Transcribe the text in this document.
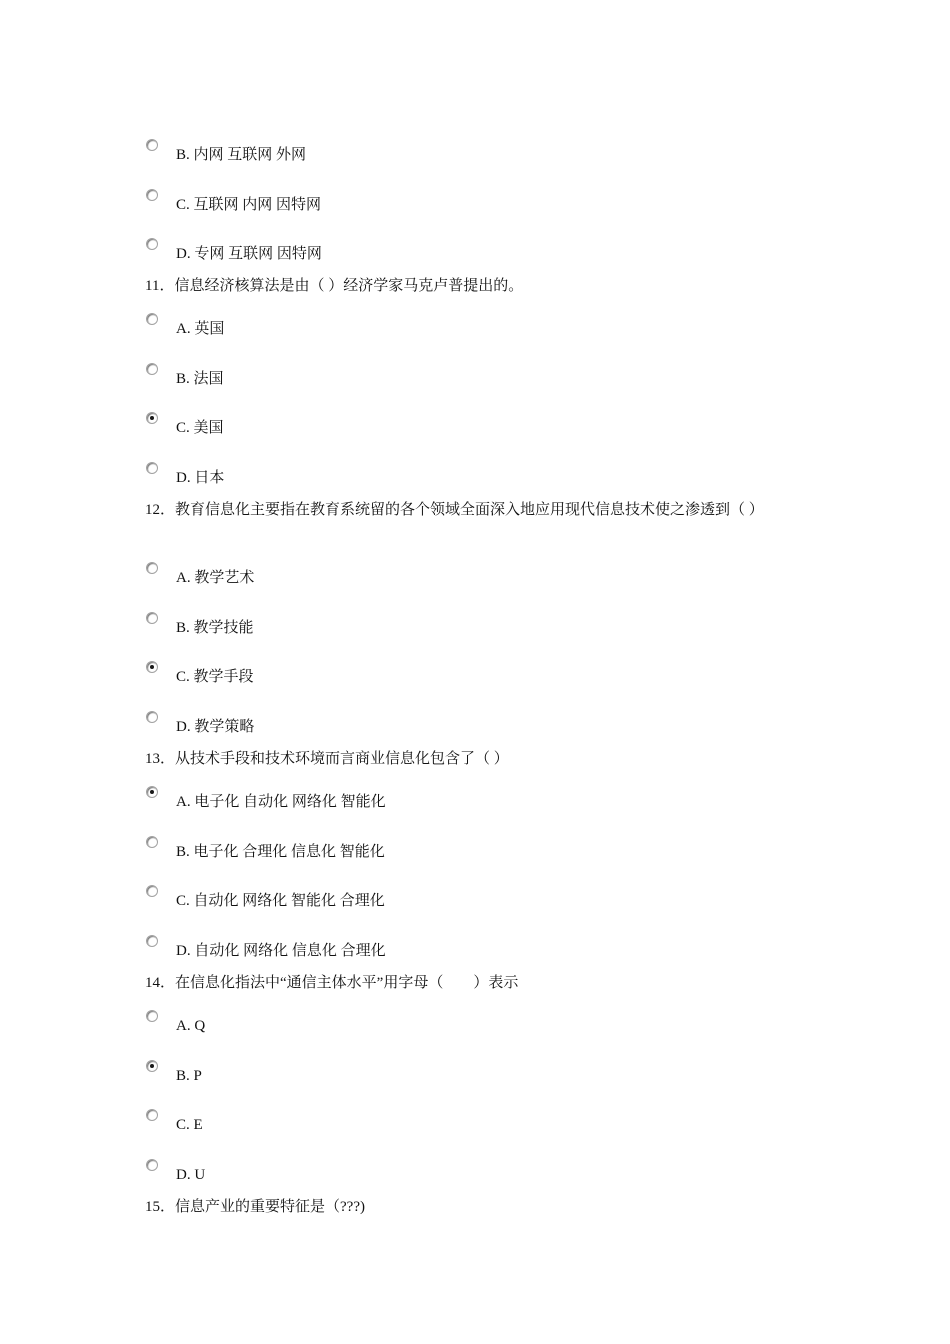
B. 内网 互联网 外网
C. 互联网 内网 因特网
D. 专网 互联网 因特网
11．信息经济核算法是由（ ）经济学家马克卢普提出的。
A. 英国
B. 法国
C. 美国
D. 日本
12．教育信息化主要指在教育系统留的各个领域全面深入地应用现代信息技术使之渗透到（ ）
A. 教学艺术
B. 教学技能
C. 教学手段
D. 教学策略
13．从技术手段和技术环境而言商业信息化包含了（ ）
A. 电子化 自动化 网络化 智能化
B. 电子化 合理化 信息化 智能化
C. 自动化 网络化 智能化 合理化
D. 自动化 网络化 信息化 合理化
14．在信息化指法中“通信主体水平”用字母（　　）表示
A. Q
B. P
C. E
D. U
15．信息产业的重要特征是（???)
